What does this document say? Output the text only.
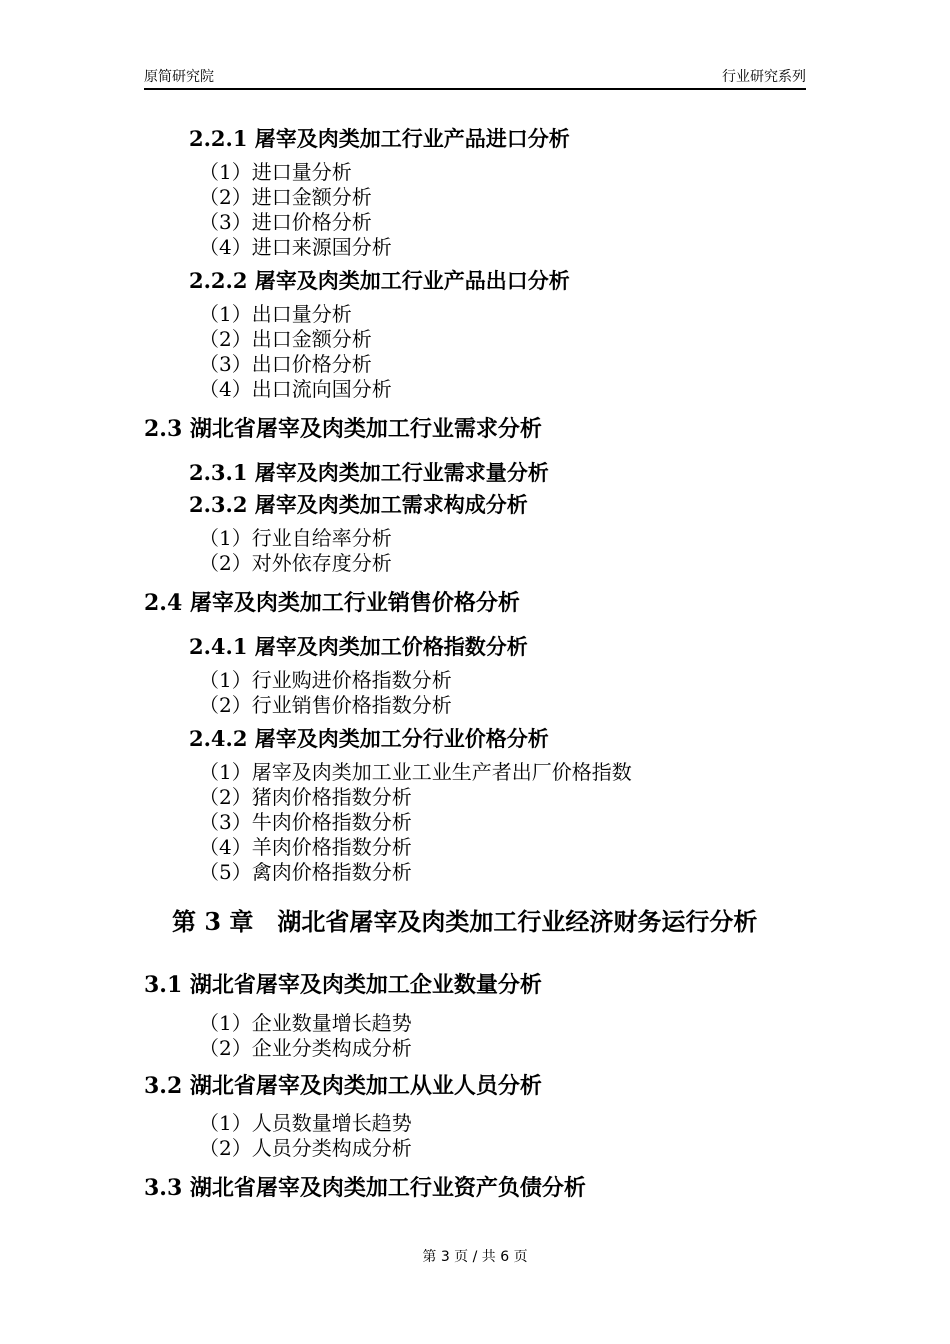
原简研究院	行业研究系列
2.2.1 屠宰及肉类加工行业产品进口分析
（1）进口量分析
（2）进口金额分析
（3）进口价格分析
（4）进口来源国分析
2.2.2 屠宰及肉类加工行业产品出口分析
（1）出口量分析
（2）出口金额分析
（3）出口价格分析
（4）出口流向国分析
2.3 湖北省屠宰及肉类加工行业需求分析
2.3.1 屠宰及肉类加工行业需求量分析
2.3.2 屠宰及肉类加工需求构成分析
（1）行业自给率分析
（2）对外依存度分析
2.4 屠宰及肉类加工行业销售价格分析
2.4.1 屠宰及肉类加工价格指数分析
（1）行业购进价格指数分析
（2）行业销售价格指数分析
2.4.2 屠宰及肉类加工分行业价格分析
（1）屠宰及肉类加工业工业生产者出厂价格指数
（2）猪肉价格指数分析
（3）牛肉价格指数分析
（4）羊肉价格指数分析
（5）禽肉价格指数分析
第 3 章 湖北省屠宰及肉类加工行业经济财务运行分析
3.1 湖北省屠宰及肉类加工企业数量分析
（1）企业数量增长趋势
（2）企业分类构成分析
3.2 湖北省屠宰及肉类加工从业人员分析
（1）人员数量增长趋势
（2）人员分类构成分析
3.3 湖北省屠宰及肉类加工行业资产负债分析
第 3 页 / 共 6 页
